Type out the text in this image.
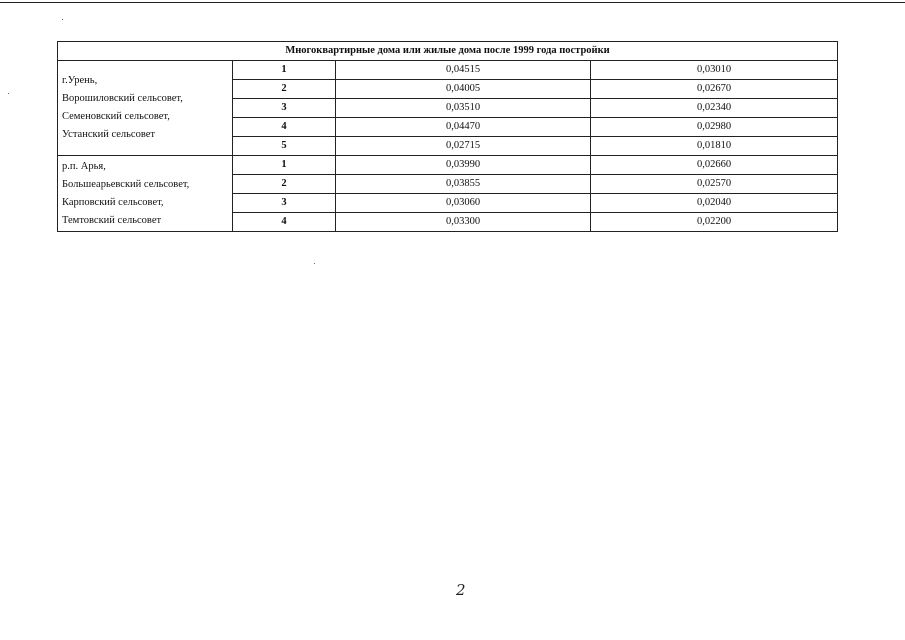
Многоквартирные дома или жилые дома после 1999 года постройки			

г.Урень,
Ворошиловский сельсовет,
Семеновский сельсовет,
Устанский сельсовет	1	0,04515	0,03010
	2	0,04005	0,02670
	3	0,03510	0,02340
	4	0,04470	0,02980
	5	0,02715	0,01810

р.п. Арья,
Большеарьевский сельсовет,
Карповский сельсовет,
Темтовский сельсовет	1	0,03990	0,02660
	2	0,03855	0,02570
	3	0,03060	0,02040
	4	0,03300	0,02200
2
